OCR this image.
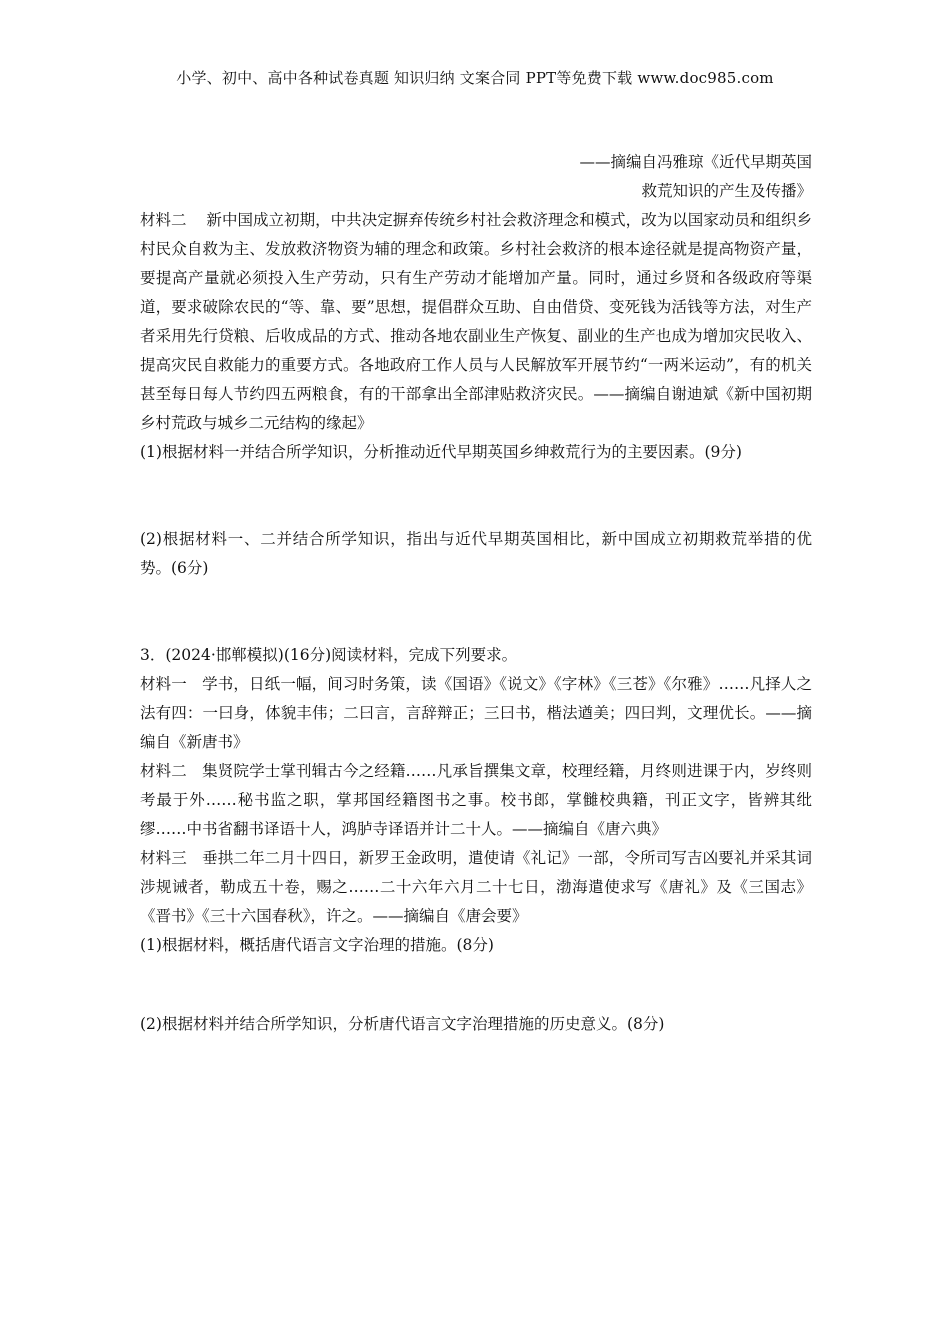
小学、初中、高中各种试卷真题 知识归纳 文案合同 PPT等免费下载 www.doc985.com
——摘编自冯雅琼《近代早期英国
救荒知识的产生及传播》

材料二 新中国成立初期，中共决定摒弃传统乡村社会救济理念和模式，改为以国家动员和组织乡村民众自救为主、发放救济物资为辅的理念和政策。乡村社会救济的根本途径就是提高物资产量，要提高产量就必须投入生产劳动，只有生产劳动才能增加产量。同时，通过乡贤和各级政府等渠道，要求破除农民的“等、靠、要”思想，提倡群众互助、自由借贷、变死钱为活钱等方法，对生产者采用先行贷粮、后收成品的方式、推动各地农副业生产恢复、副业的生产也成为增加灾民收入、提高灾民自救能力的重要方式。各地政府工作人员与人民解放军开展节约“一两米运动”，有的机关甚至每日每人节约四五两粮食，有的干部拿出全部津贴救济灾民。——摘编自谢迪斌《新中国初期乡村荒政与城乡二元结构的缘起》

(1)根据材料一并结合所学知识，分析推动近代早期英国乡绅救荒行为的主要因素。(9分)

(2)根据材料一、二并结合所学知识，指出与近代早期英国相比，新中国成立初期救荒举措的优势。(6分)

3．(2024·邯郸模拟)(16分)阅读材料，完成下列要求。

材料一 学书，日纸一幅，间习时务策，读《国语》《说文》《字林》《三苍》《尔雅》……凡择人之法有四：一曰身，体貌丰伟；二曰言，言辞辩正；三曰书，楷法遒美；四曰判，文理优长。——摘编自《新唐书》

材料二 集贤院学士掌刊辑古今之经籍……凡承旨撰集文章，校理经籍，月终则进课于内，岁终则考最于外……秘书监之职，掌邦国经籍图书之事。校书郎，掌雠校典籍，刊正文字，皆辨其纰缪……中书省翻书译语十人，鸿胪寺译语并计二十人。——摘编自《唐六典》

材料三 垂拱二年二月十四日，新罗王金政明，遣使请《礼记》一部，令所司写吉凶要礼并采其词涉规诫者，勒成五十卷，赐之……二十六年六月二十七日，渤海遣使求写《唐礼》及《三国志》《晋书》《三十六国春秋》，许之。——摘编自《唐会要》

(1)根据材料，概括唐代语言文字治理的措施。(8分)

(2)根据材料并结合所学知识，分析唐代语言文字治理措施的历史意义。(8分)
